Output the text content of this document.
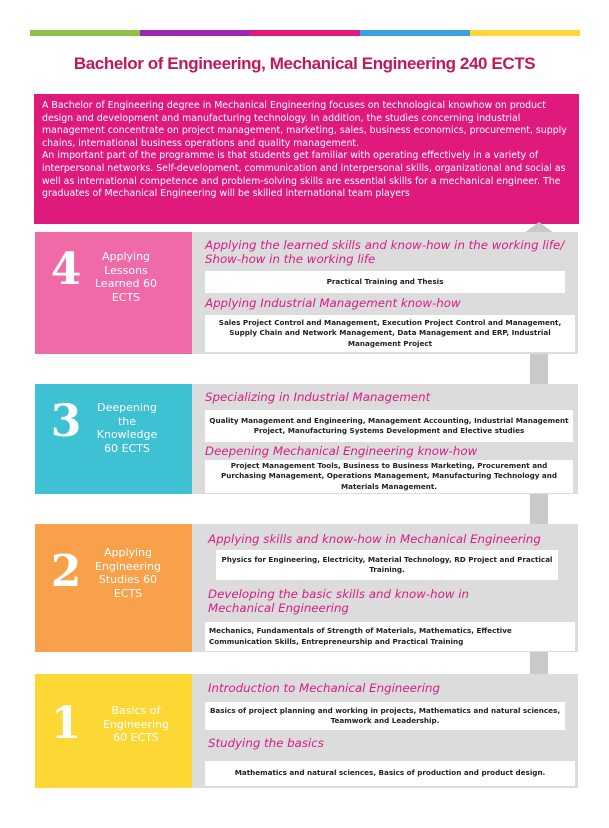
Bachelor of Engineering, Mechanical Engineering 240 ECTS

A Bachelor of Engineering degree in Mechanical Engineering focuses on technological knowhow on product design and development and manufacturing technology. In addition, the studies concerning industrial management concentrate on project management, marketing, sales, business economics, procurement, supply chains, international business operations and quality management.

An important part of the programme is that students get familiar with operating effectively in a variety of interpersonal networks. Self-development, communication and interpersonal skills, organizational and social as well as international competence and problem-solving skills are essential skills for a mechanical engineer. The graduates of Mechanical Engineering will be skilled international team players

4	Applying Lessons Learned 60 ECTS
Applying the learned skills and know-how in the working life/ Show-how in the working life
Practical Training and Thesis
Applying Industrial Management know-how
Sales Project Control and Management, Execution Project Control and Management, Supply Chain and Network Management, Data Management and ERP, Industrial Management Project
3	Deepening the Knowledge 60 ECTS
Specializing in Industrial Management
Quality Management and Engineering, Management Accounting, Industrial Management Project, Manufacturing Systems Development and Elective studies
Deepening Mechanical Engineering know-how
Project Management Tools, Business to Business Marketing, Procurement and Purchasing Management, Operations Management, Manufacturing Technology and Materials Management.
2	Applying Engineering Studies 60 ECTS
Applying skills and know-how in Mechanical Engineering
Physics for Engineering, Electricity, Material Technology, RD Project and Practical Training.
Developing the basic skills and know-how in Mechanical Engineering
Mechanics, Fundamentals of Strength of Materials, Mathematics, Effective Communication Skills, Entrepreneurship and Practical Training
1	Basics of Engineering 60 ECTS
Introduction to Mechanical Engineering
Basics of project planning and working in projects, Mathematics and natural sciences, Teamwork and Leadership.
Studying the basics
Mathematics and natural sciences, Basics of production and product design.
